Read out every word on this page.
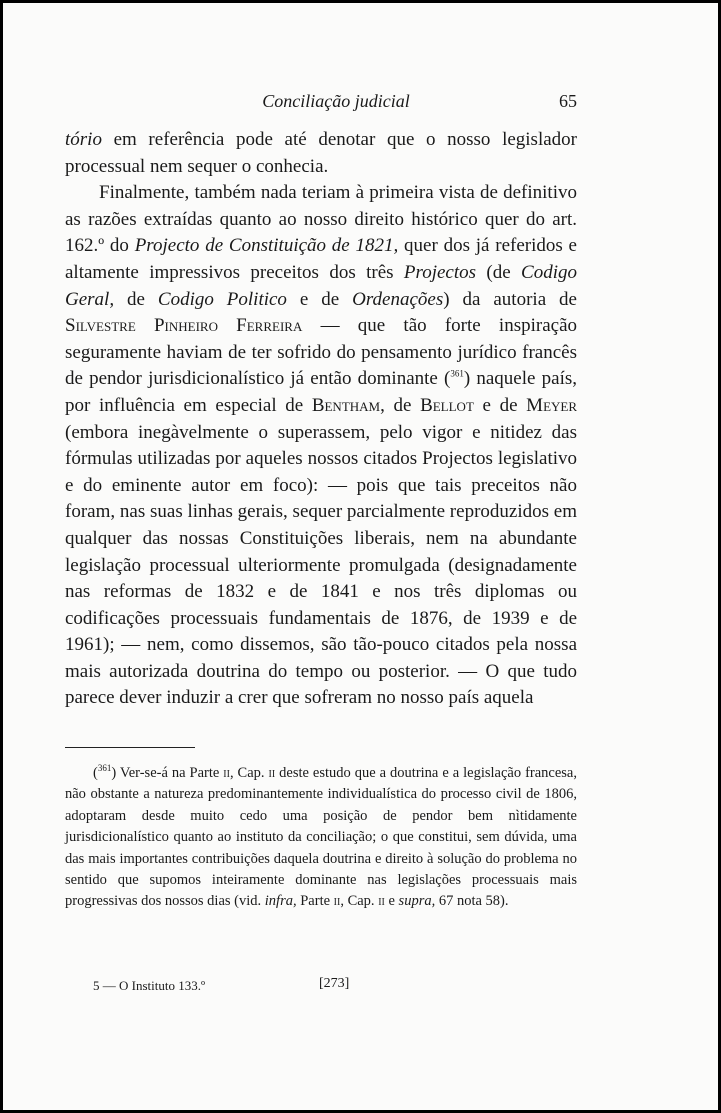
Conciliação judicial	65

tório em referência pode até denotar que o nosso legislador processual nem sequer o conhecia.

Finalmente, também nada teriam à primeira vista de definitivo as razões extraídas quanto ao nosso direito histórico quer do art. 162.º do Projecto de Constituição de 1821, quer dos já referidos e altamente impressivos preceitos dos três Projectos (de Codigo Geral, de Codigo Politico e de Ordenações) da autoria de Silvestre Pinheiro Ferreira — que tão forte inspiração seguramente haviam de ter sofrido do pensamento jurídico francês de pendor jurisdicionalístico já então dominante ($^{361}$) naquele país, por influência em especial de Bentham, de Bellot e de Meyer (embora inegàvelmente o superassem, pelo vigor e nitidez das fórmulas utilizadas por aqueles nossos citados Projectos legislativo e do eminente autor em foco): — pois que tais preceitos não foram, nas suas linhas gerais, sequer parcialmente reproduzidos em qualquer das nossas Constituições liberais, nem na abundante legislação processual ulteriormente promulgada (designadamente nas reformas de 1832 e de 1841 e nos três diplomas ou codificações processuais fundamentais de 1876, de 1939 e de 1961); — nem, como dissemos, são tão-pouco citados pela nossa mais autorizada doutrina do tempo ou posterior. — O que tudo parece dever induzir a crer que sofreram no nosso país aquela

($^{361}$) Ver-se-á na Parte ii, Cap. ii deste estudo que a doutrina e a legislação francesa, não obstante a natureza predominantemente individualística do processo civil de 1806, adoptaram desde muito cedo uma posição de pendor bem nìtidamente jurisdicionalístico quanto ao instituto da conciliação; o que constitui, sem dúvida, uma das mais importantes contribuições daquela doutrina e direito à solução do problema no sentido que supomos inteiramente dominante nas legislações processuais mais progressivas dos nossos dias (vid. infra, Parte ii, Cap. ii e supra, 67 nota 58).

5 — O Instituto 133.º	[273]
